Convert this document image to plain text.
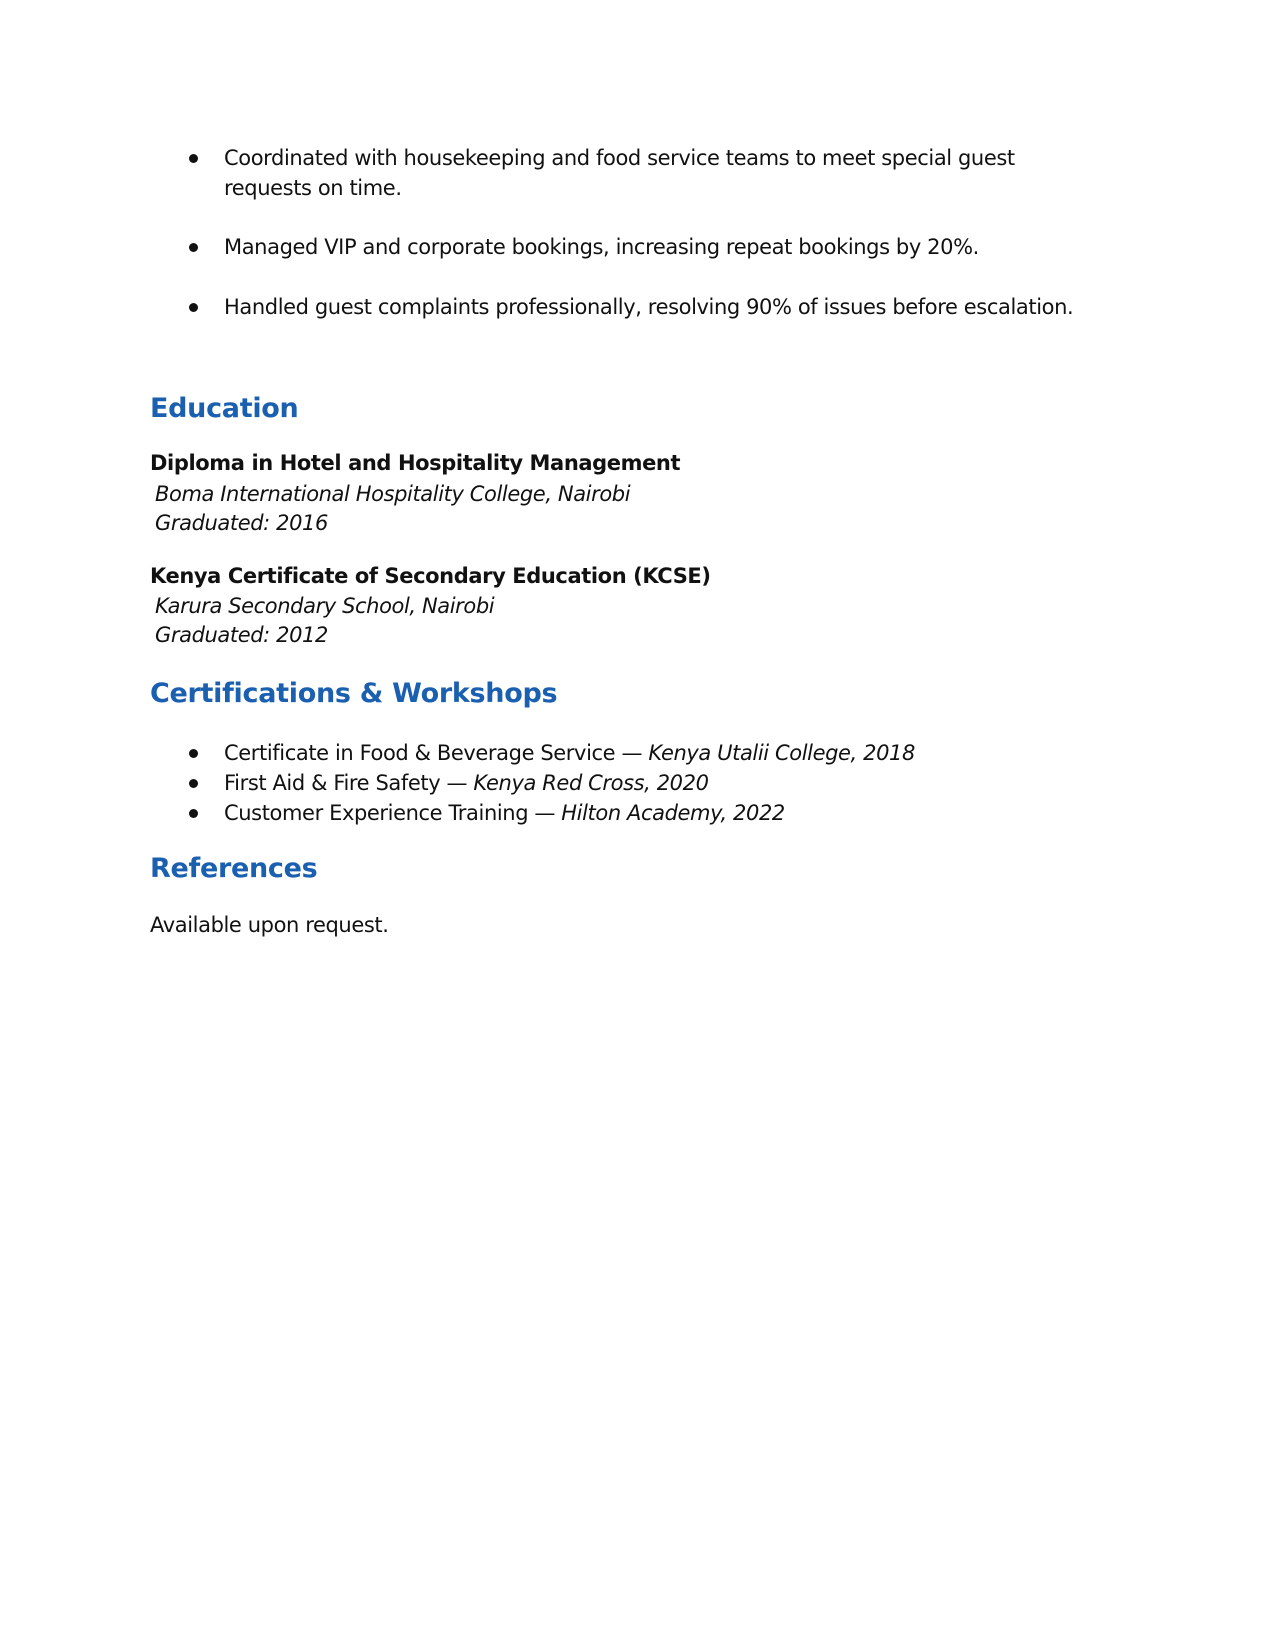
Coordinated with housekeeping and food service teams to meet special guest
requests on time.
Managed VIP and corporate bookings, increasing repeat bookings by 20%.
Handled guest complaints professionally, resolving 90% of issues before escalation.
Education
Diploma in Hotel and Hospitality Management
Boma International Hospitality College, Nairobi
Graduated: 2016
Kenya Certificate of Secondary Education (KCSE)
Karura Secondary School, Nairobi
Graduated: 2012
Certifications & Workshops
Certificate in Food & Beverage Service — Kenya Utalii College, 2018
First Aid & Fire Safety — Kenya Red Cross, 2020
Customer Experience Training — Hilton Academy, 2022
References
Available upon request.
